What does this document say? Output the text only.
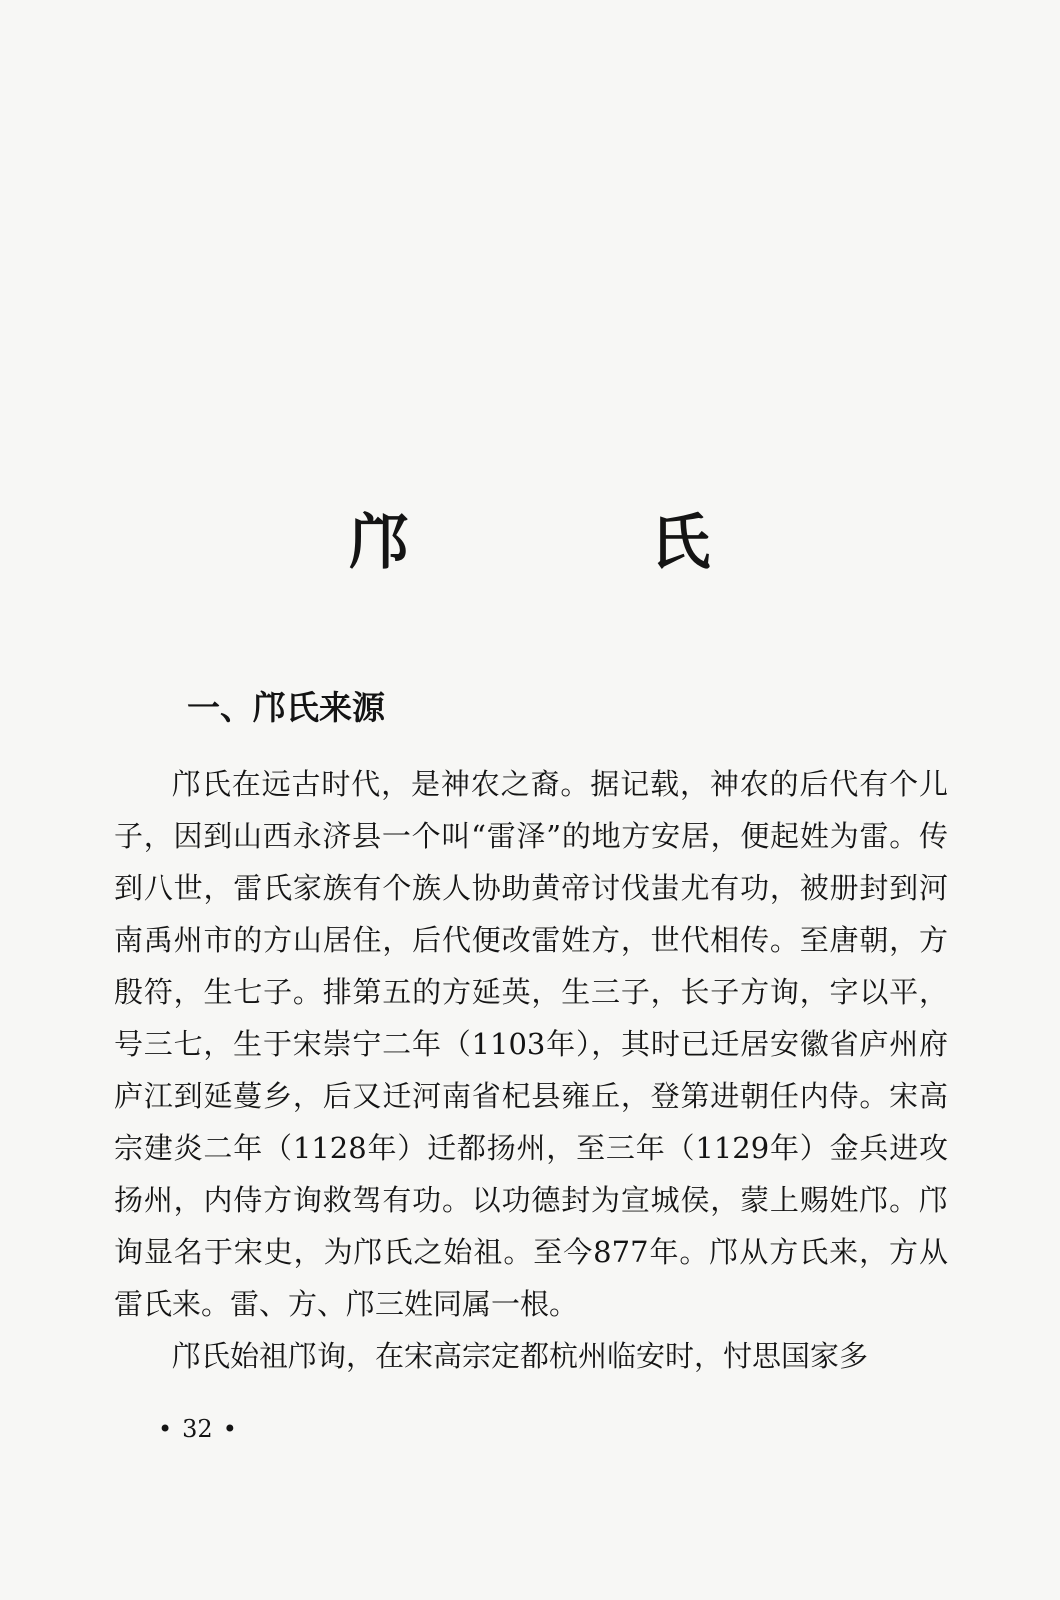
邝 氏
一、邝氏来源

邝氏在远古时代，是神农之裔。据记载，神农的后代有个儿子，因到山西永济县一个叫“雷泽”的地方安居，便起姓为雷。传到八世，雷氏家族有个族人协助黄帝讨伐蚩尤有功，被册封到河南禹州市的方山居住，后代便改雷姓方，世代相传。至唐朝，方殷符，生七子。排第五的方延英，生三子，长子方询，字以平，号三七，生于宋崇宁二年（1103年），其时已迁居安徽省庐州府庐江到延蔓乡，后又迁河南省杞县雍丘，登第进朝任内侍。宋高宗建炎二年（1128年）迁都扬州，至三年（1129年）金兵进攻扬州，内侍方询救驾有功。以功德封为宣城侯，蒙上赐姓邝。邝询显名于宋史，为邝氏之始祖。至今877年。邝从方氏来，方从雷氏来。雷、方、邝三姓同属一根。

邝氏始祖邝询，在宋高宗定都杭州临安时，忖思国家多

• 32 •
